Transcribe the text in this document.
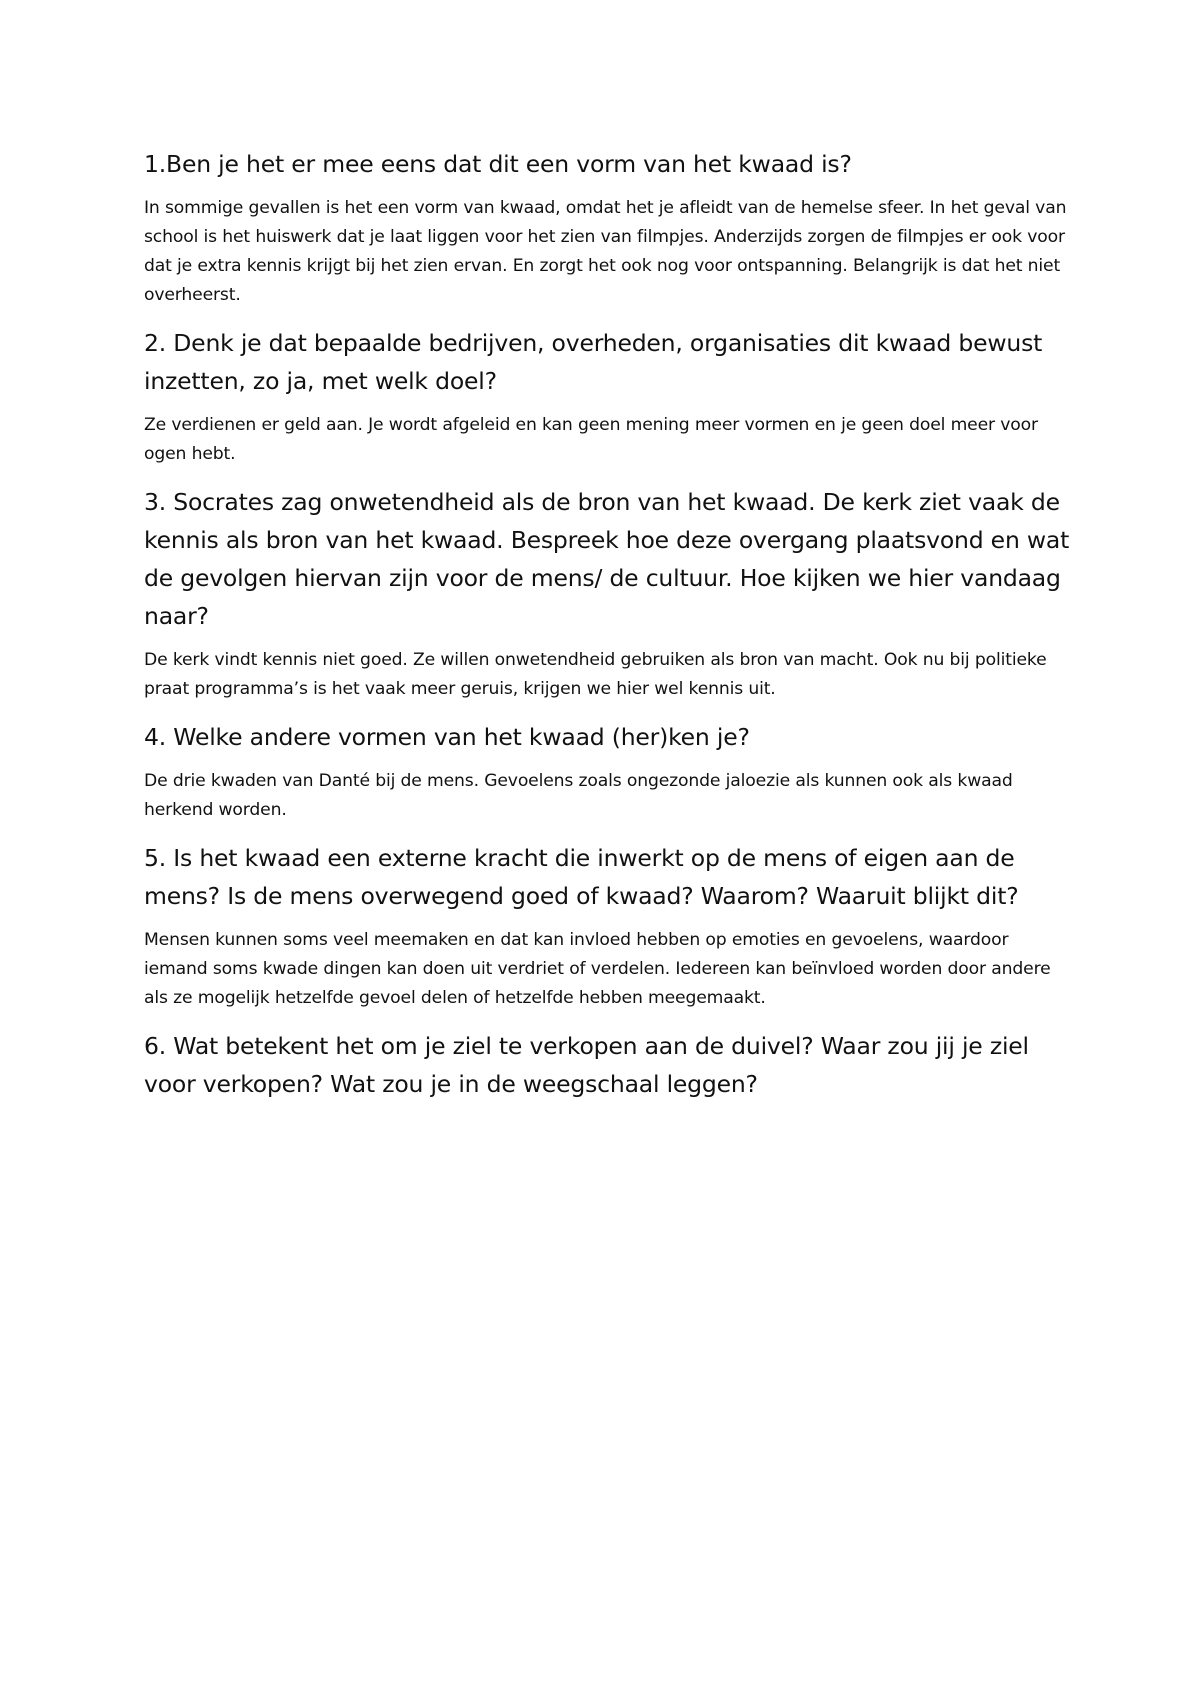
1.Ben je het er mee eens dat dit een vorm van het kwaad is?

In sommige gevallen is het een vorm van kwaad, omdat het je afleidt van de hemelse sfeer. In het geval van school is het huiswerk dat je laat liggen voor het zien van filmpjes. Anderzijds zorgen de filmpjes er ook voor dat je extra kennis krijgt bij het zien ervan. En zorgt het ook nog voor ontspanning. Belangrijk is dat het niet overheerst.

2. Denk je dat bepaalde bedrijven, overheden, organisaties dit kwaad bewust inzetten, zo ja, met welk doel?

Ze verdienen er geld aan. Je wordt afgeleid en kan geen mening meer vormen en je geen doel meer voor ogen hebt.

3. Socrates zag onwetendheid als de bron van het kwaad. De kerk ziet vaak de kennis als bron van het kwaad. Bespreek hoe deze overgang plaatsvond en wat de gevolgen hiervan zijn voor de mens/ de cultuur. Hoe kijken we hier vandaag naar?

De kerk vindt kennis niet goed. Ze willen onwetendheid gebruiken als bron van macht. Ook nu bij politieke praat programma’s is het vaak meer geruis, krijgen we hier wel kennis uit.

4. Welke andere vormen van het kwaad (her)ken je?

De drie kwaden van Danté bij de mens. Gevoelens zoals ongezonde jaloezie als kunnen ook als kwaad herkend worden.

5. Is het kwaad een externe kracht die inwerkt op de mens of eigen aan de mens? Is de mens overwegend goed of kwaad? Waarom? Waaruit blijkt dit?

Mensen kunnen soms veel meemaken en dat kan invloed hebben op emoties en gevoelens, waardoor iemand soms kwade dingen kan doen uit verdriet of verdelen. Iedereen kan beïnvloed worden door andere als ze mogelijk hetzelfde gevoel delen of hetzelfde hebben meegemaakt.

6. Wat betekent het om je ziel te verkopen aan de duivel? Waar zou jij je ziel voor verkopen? Wat zou je in de weegschaal leggen?
